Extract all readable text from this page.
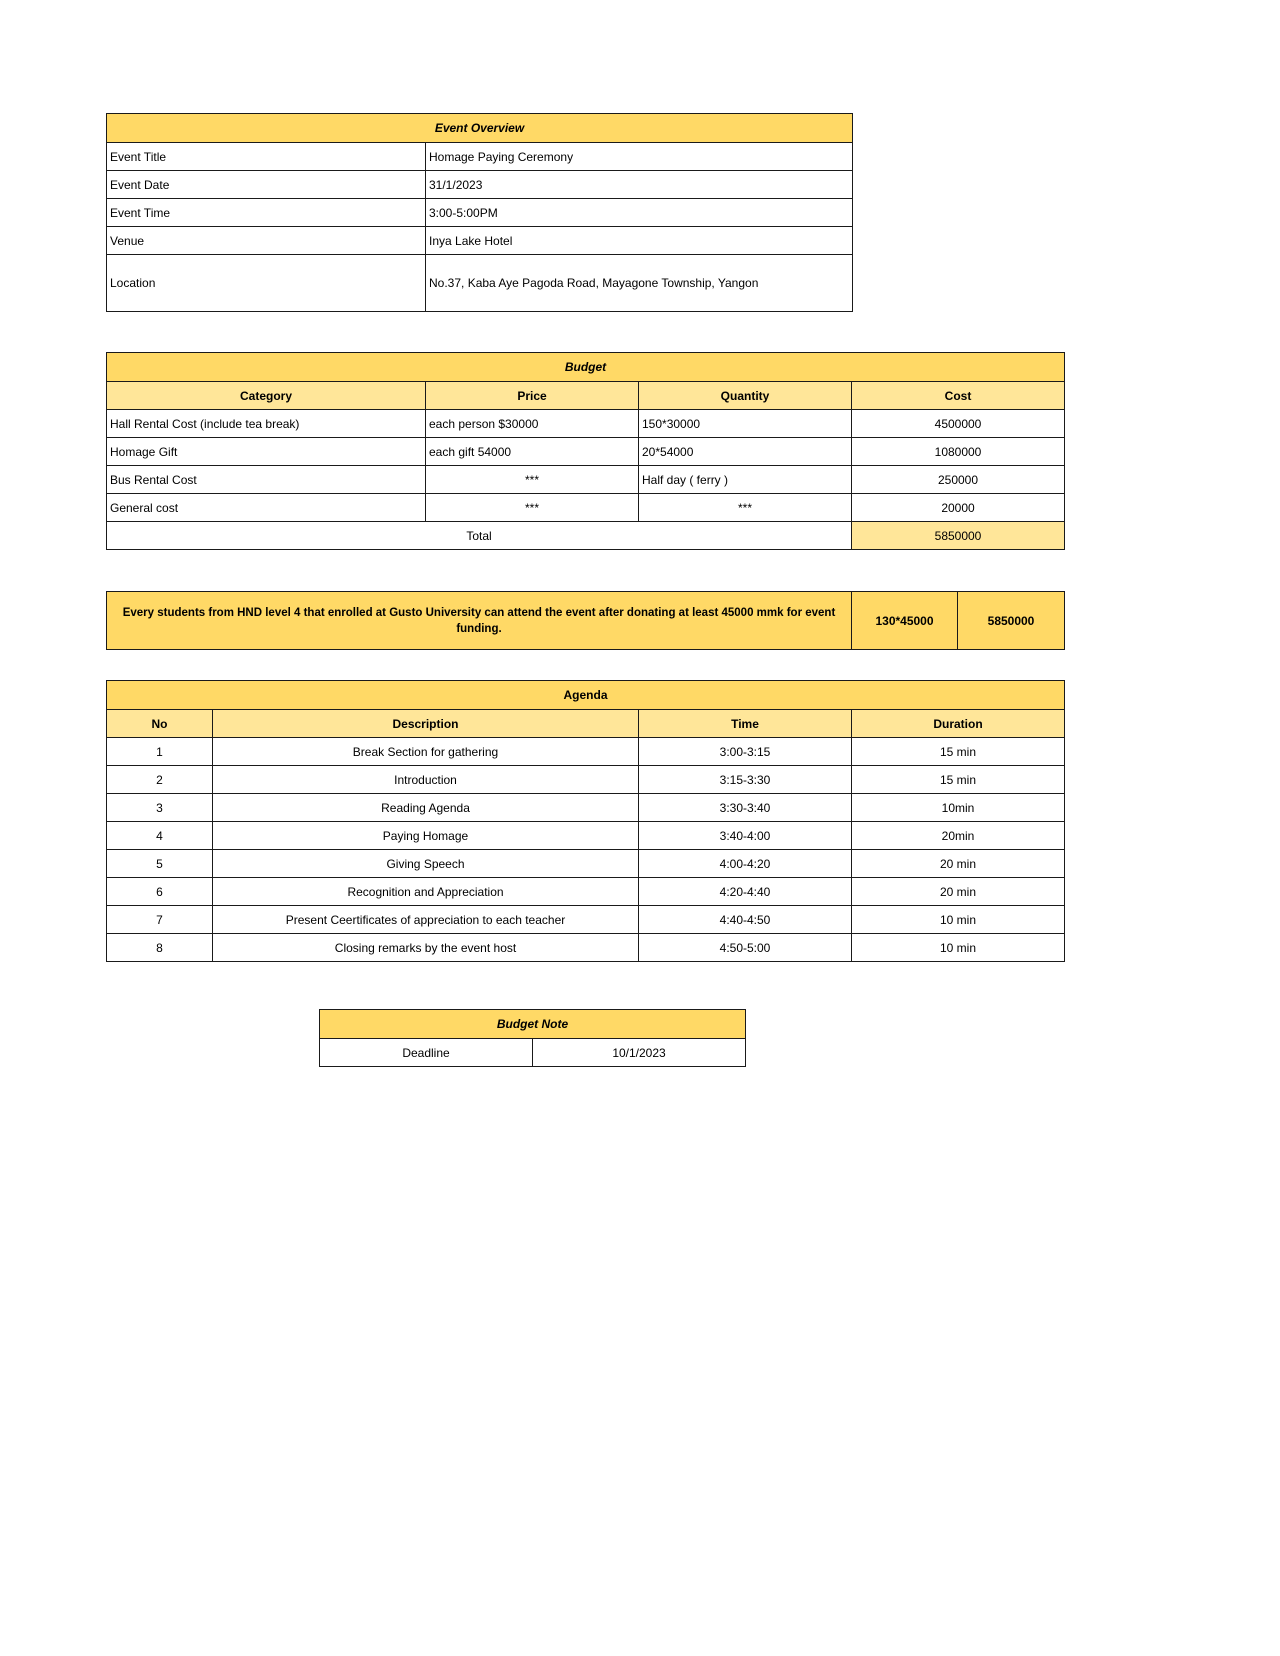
Event Overview	
Event Title	Homage Paying Ceremony
Event Date	31/1/2023
Event Time	3:00-5:00PM
Venue	Inya Lake Hotel
Location	No.37, Kaba Aye Pagoda Road, Mayagone Township, Yangon
Budget			
Category	Price	Quantity	Cost
Hall Rental Cost (include tea break)	each person $30000	150*30000	4500000
Homage Gift	each gift 54000	20*54000	1080000
Bus Rental Cost	***	Half day ( ferry )	250000
General cost	***	***	20000
Total			5850000
Every students from HND level 4 that enrolled at Gusto University can attend the event after donating at least 45000 mmk for event funding.	130*45000	5850000
Agenda			
No	Description	Time	Duration
1	Break Section for gathering	3:00-3:15	15 min
2	Introduction	3:15-3:30	15 min
3	Reading Agenda	3:30-3:40	10min
4	Paying Homage	3:40-4:00	20min
5	Giving Speech	4:00-4:20	20 min
6	Recognition and Appreciation	4:20-4:40	20 min
7	Present Ceertificates of appreciation to each teacher	4:40-4:50	10 min
8	Closing remarks by the event host	4:50-5:00	10 min
Budget Note
Deadline	10/1/2023
